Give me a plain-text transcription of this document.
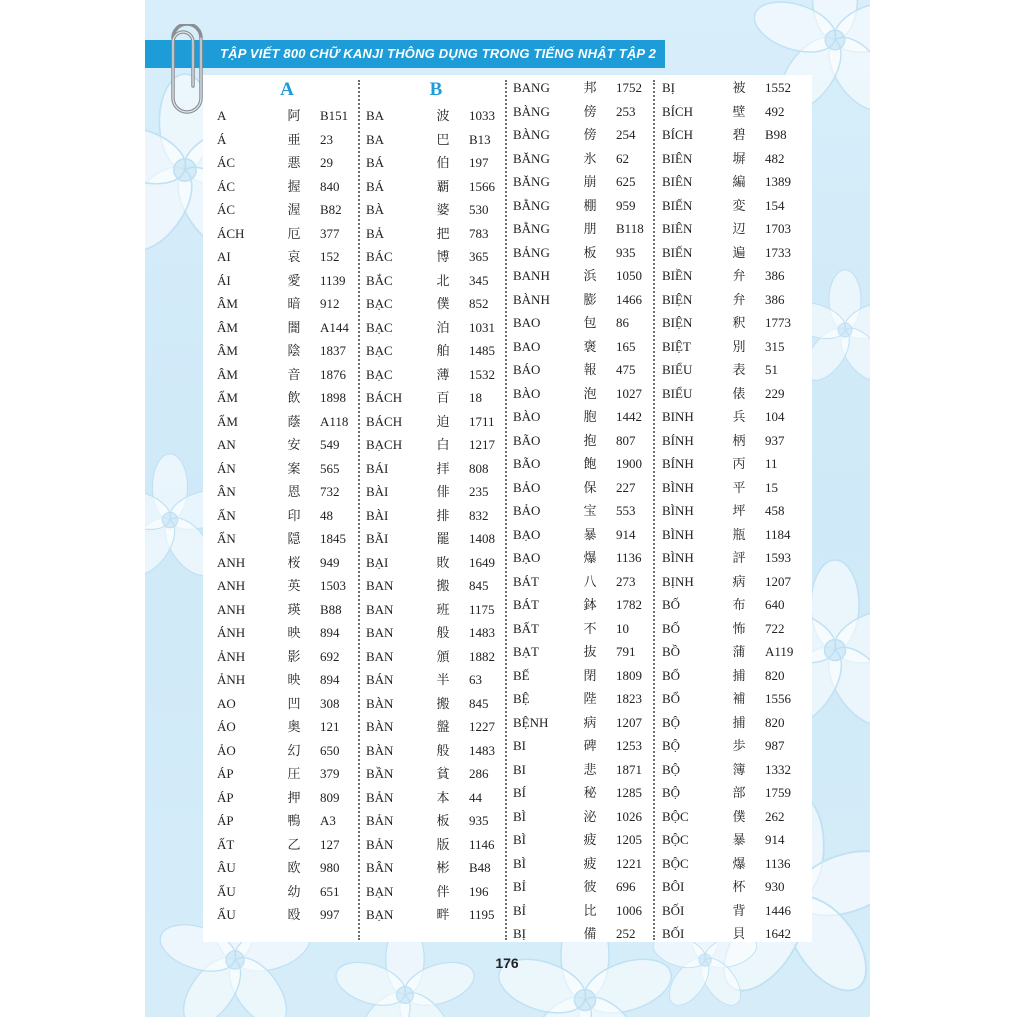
TẬP VIẾT 800 CHỮ KANJI THÔNG DỤNG TRONG TIẾNG NHẬT TẬP 2
A
A	阿	B151
Á	亜	23
ÁC	悪	29
ÁC	握	840
ÁC	渥	B82
ÁCH	厄	377
AI	哀	152
ÁI	愛	1139
ÂM	暗	912
ÂM	闇	A144
ÂM	陰	1837
ÂM	音	1876
ẨM	飲	1898
ẨM	蔭	A118
AN	安	549
ÁN	案	565
ÂN	恩	732
ẤN	印	48
ẨN	隠	1845
ANH	桜	949
ANH	英	1503
ANH	瑛	B88
ÁNH	映	894
ẢNH	影	692
ẢNH	映	894
AO	凹	308
ÁO	奥	121
ẢO	幻	650
ÁP	圧	379
ÁP	押	809
ÁP	鴨	A3
ẤT	乙	127
ÂU	欧	980
ẤU	幼	651
ẨU	殴	997
B
BA	波	1033
BA	巴	B13
BÁ	伯	197
BÁ	覇	1566
BÀ	婆	530
BẢ	把	783
BÁC	博	365
BẮC	北	345
BẠC	僕	852
BẠC	泊	1031
BẠC	舶	1485
BẠC	薄	1532
BÁCH	百	18
BÁCH	迫	1711
BẠCH	白	1217
BÁI	拝	808
BÀI	俳	235
BÀI	排	832
BÃI	罷	1408
BẠI	敗	1649
BAN	搬	845
BAN	班	1175
BAN	般	1483
BAN	頒	1882
BÁN	半	63
BÀN	搬	845
BÀN	盤	1227
BÀN	般	1483
BẦN	貧	286
BẢN	本	44
BẢN	板	935
BẢN	版	1146
BÂN	彬	B48
BẠN	伴	196
BẠN	畔	1195
BANG	邦	1752
BÀNG	傍	253
BÀNG	傍	254
BĂNG	氷	62
BĂNG	崩	625
BẰNG	棚	959
BẰNG	朋	B118
BẢNG	板	935
BANH	浜	1050
BÀNH	膨	1466
BAO	包	86
BAO	褒	165
BÁO	報	475
BÀO	泡	1027
BÀO	胞	1442
BÃO	抱	807
BÃO	飽	1900
BẢO	保	227
BẢO	宝	553
BẠO	暴	914
BẠO	爆	1136
BÁT	八	273
BÁT	鉢	1782
BẤT	不	10
BẠT	抜	791
BẾ	閉	1809
BỆ	陛	1823
BỆNH	病	1207
BI	碑	1253
BI	悲	1871
BÍ	秘	1285
BÌ	泌	1026
BÌ	疲	1205
BÌ	疲	1221
BỈ	彼	696
BỈ	比	1006
BỊ	備	252
BỊ	被	1552
BÍCH	壁	492
BÍCH	碧	B98
BIÊN	塀	482
BIÊN	編	1389
BIẾN	変	154
BIÊN	辺	1703
BIẾN	遍	1733
BIỀN	弁	386
BIỆN	弁	386
BIỆN	釈	1773
BIỆT	別	315
BIỂU	表	51
BIỂU	俵	229
BINH	兵	104
BÍNH	柄	937
BÍNH	丙	11
BÌNH	平	15
BÌNH	坪	458
BÌNH	瓶	1184
BÌNH	評	1593
BỊNH	病	1207
BỐ	布	640
BỐ	怖	722
BỒ	蒲	A119
BỔ	捕	820
BỔ	補	1556
BỘ	捕	820
BỘ	歩	987
BỘ	簿	1332
BỘ	部	1759
BỘC	僕	262
BỘC	暴	914
BỘC	爆	1136
BÔI	杯	930
BỐI	背	1446
BỐI	貝	1642
176
